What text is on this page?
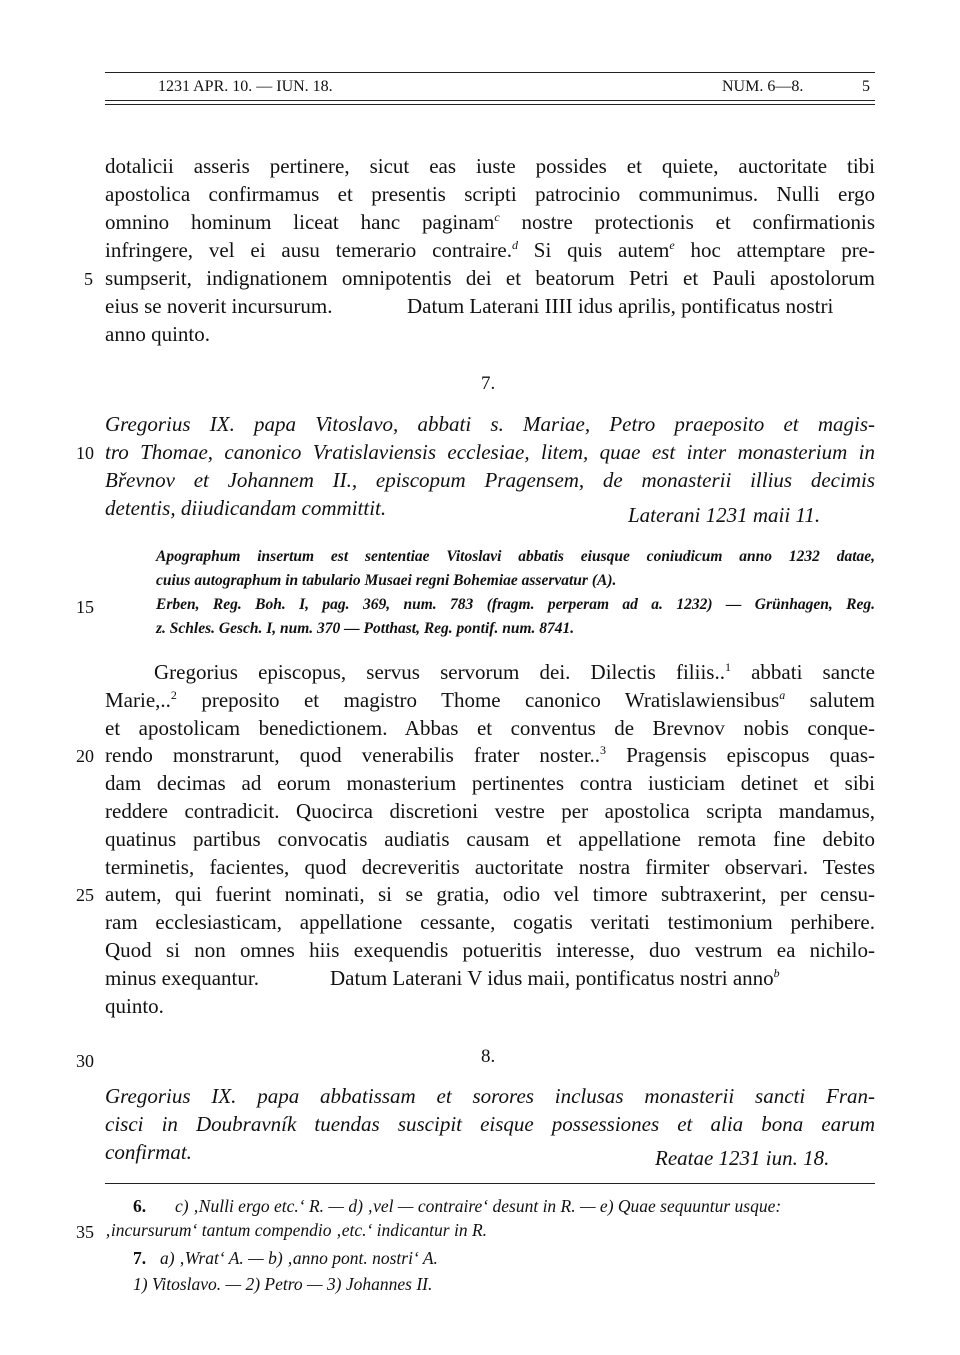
1231 APR. 10. — IUN. 18.	NUM. 6—8.	5
dotalicii asseris pertinere, sicut eas iuste possides et quiete, auctoritate tibi
apostolica confirmamus et presentis scripti patrocinio communimus. Nulli ergo
omnino hominum liceat hanc paginam$^c$ nostre protectionis et confirmationis
infringere, vel ei ausu temerario contraire.$^d$ Si quis autem$^e$ hoc attemptare pre-
sumpserit, indignationem omnipotentis dei et beatorum Petri et Pauli apostolorum
eius se noverit incursurum.	Datum Laterani IIII idus aprilis, pontificatus nostri
anno quinto.
7.
Gregorius IX. papa Vitoslavo, abbati s. Mariae, Petro praeposito et magis-
tro Thomae, canonico Vratislaviensis ecclesiae, litem, quae est inter monasterium in
Břevnov et Johannem II., episcopum Pragensem, de monasterii illius decimis
detentis, diiudicandam committit.	Laterani 1231 maii 11.
Apographum insertum est sententiae Vitoslavi abbatis eiusque coniudicum anno 1232 datae,
cuius autographum in tabulario Musaei regni Bohemiae asservatur (A).
Erben, Reg. Boh. I, pag. 369, num. 783 (fragm. perperam ad a. 1232) — Grünhagen, Reg.
z. Schles. Gesch. I, num. 370 — Potthast, Reg. pontif. num. 8741.
Gregorius episcopus, servus servorum dei. Dilectis filiis..$^1$ abbati sancte
Marie,..$^2$ preposito et magistro Thome canonico Wratislawiensibus$^a$ salutem
et apostolicam benedictionem. Abbas et conventus de Brevnov nobis conque-
rendo monstrarunt, quod venerabilis frater noster..$^3$ Pragensis episcopus quas-
dam decimas ad eorum monasterium pertinentes contra iusticiam detinet et sibi
reddere contradicit. Quocirca discretioni vestre per apostolica scripta mandamus,
quatinus partibus convocatis audiatis causam et appellatione remota fine debito
terminetis, facientes, quod decreveritis auctoritate nostra firmiter observari. Testes
autem, qui fuerint nominati, si se gratia, odio vel timore subtraxerint, per censu-
ram ecclesiasticam, appellatione cessante, cogatis veritati testimonium perhibere.
Quod si non omnes hiis exequendis potueritis interesse, duo vestrum ea nichilo-
minus exequantur.	Datum Laterani V idus maii, pontificatus nostri anno$^b$
quinto.
8.
Gregorius IX. papa abbatissam et sorores inclusas monasterii sancti Fran-
cisci in Doubravník tuendas suscipit eisque possessiones et alia bona earum
confirmat.	Reatae 1231 iun. 18.
6. c) ‚Nulli ergo etc.‘ R. — d) ‚vel — contraire‘ desunt in R. — e) Quae sequuntur usque:
‚incursurum‘ tantum compendio ‚etc.‘ indicantur in R.
7. a) ‚Wrat‘ A. — b) ‚anno pont. nostri‘ A.
1) Vitoslavo. — 2) Petro — 3) Johannes II.
5
10
15
20
25
30
35
